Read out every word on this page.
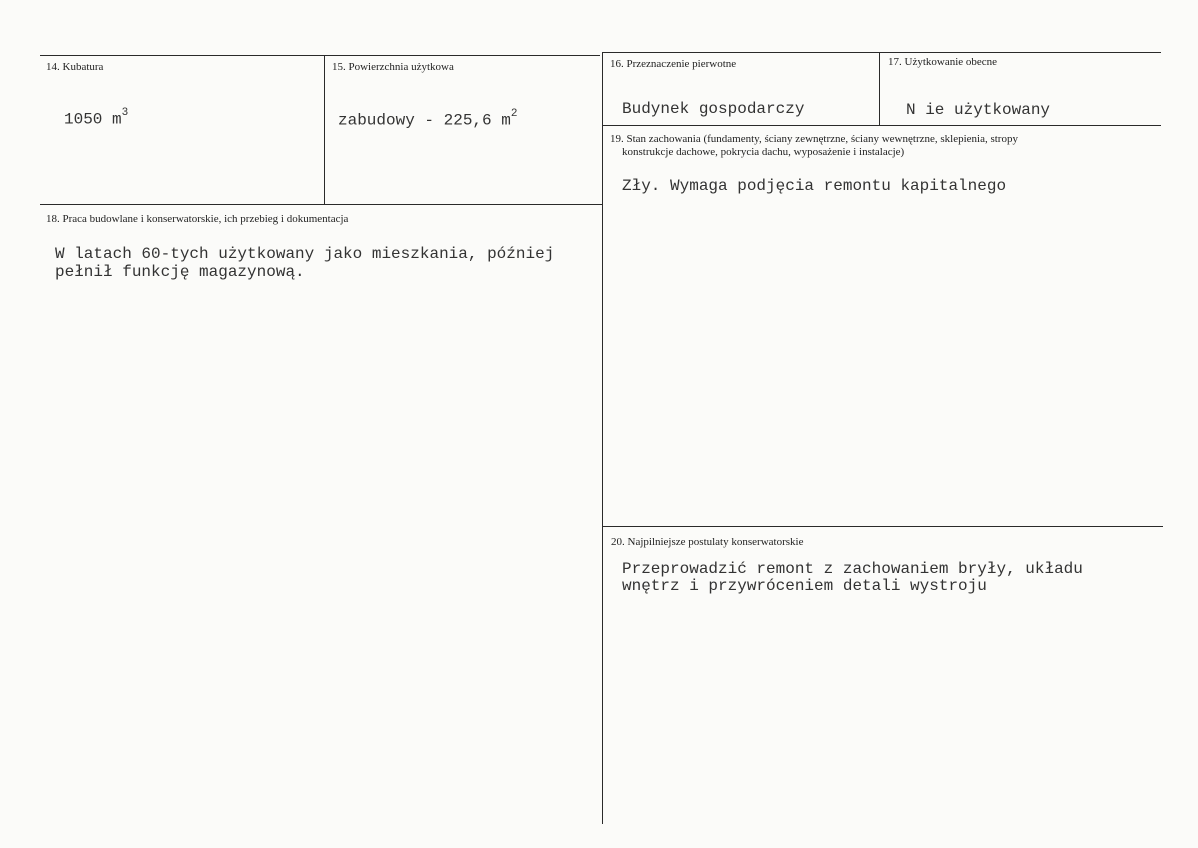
14. Kubatura
1050 $m^3$
15. Powierzchnia użytkowa
zabudowy - 225,6 $m^2$
16. Przeznaczenie pierwotne
Budynek gospodarczy
17. Użytkowanie obecne
N ie użytkowany
19. Stan zachowania (fundamenty, ściany zewnętrzne, ściany wewnętrzne, sklepienia, stropy
konstrukcje dachowe, pokrycia dachu, wyposażenie i instalacje)
Zły. Wymaga podjęcia remontu kapitalnego
18. Praca budowlane i konserwatorskie, ich przebieg i dokumentacja
W latach 60-tych użytkowany jako mieszkania, później
pełnił funkcję magazynową.
20. Najpilniejsze postulaty konserwatorskie
Przeprowadzić remont z zachowaniem bryły, układu
wnętrz i przywróceniem detali wystroju
